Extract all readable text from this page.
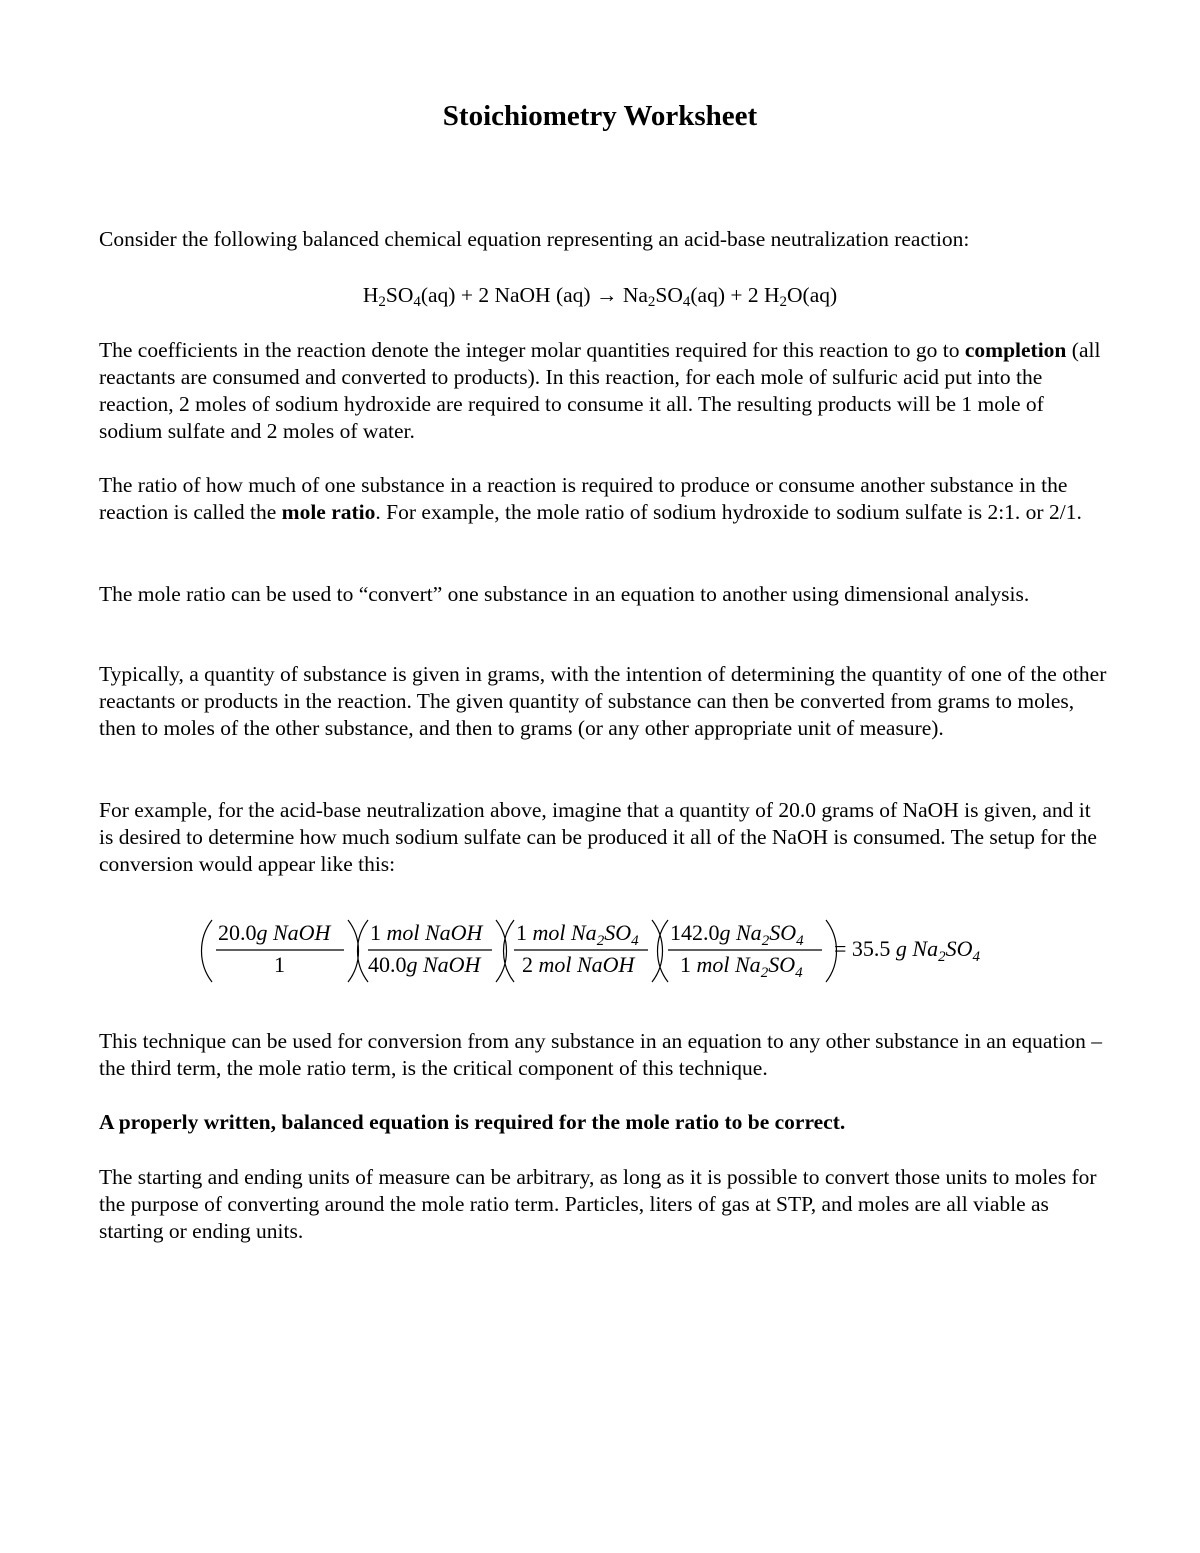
Stoichiometry Worksheet

Consider the following balanced chemical equation representing an acid-base neutralization reaction:

$H_2SO_4(aq) + 2$ NaOH $(aq) \to Na_2SO_4(aq) + 2$ $H_2O(aq)$

The coefficients in the reaction denote the integer molar quantities required for this reaction to go to completion (all reactants are consumed and converted to products). In this reaction, for each mole of sulfuric acid put into the reaction, 2 moles of sodium hydroxide are required to consume it all. The resulting products will be 1 mole of sodium sulfate and 2 moles of water.

The ratio of how much of one substance in a reaction is required to produce or consume another substance in the reaction is called the mole ratio. For example, the mole ratio of sodium hydroxide to sodium sulfate is 2:1. or 2/1.

The mole ratio can be used to “convert” one substance in an equation to another using dimensional analysis.

Typically, a quantity of substance is given in grams, with the intention of determining the quantity of one of the other reactants or products in the reaction. The given quantity of substance can then be converted from grams to moles, then to moles of the other substance, and then to grams (or any other appropriate unit of measure).

For example, for the acid-base neutralization above, imagine that a quantity of 20.0 grams of NaOH is given, and it is desired to determine how much sodium sulfate can be produced it all of the NaOH is consumed. The setup for the conversion would appear like this:

20.0g NaOH
1
1 mol NaOH
40.0g NaOH
1 mol $Na_2SO_4$
2 mol NaOH
142.0g $Na_2SO_4$
1 mol $Na_2SO_4$
= 35.5 g $Na_2SO_4$

This technique can be used for conversion from any substance in an equation to any other substance in an equation – the third term, the mole ratio term, is the critical component of this technique.

A properly written, balanced equation is required for the mole ratio to be correct.

The starting and ending units of measure can be arbitrary, as long as it is possible to convert those units to moles for the purpose of converting around the mole ratio term. Particles, liters of gas at STP, and moles are all viable as starting or ending units.
